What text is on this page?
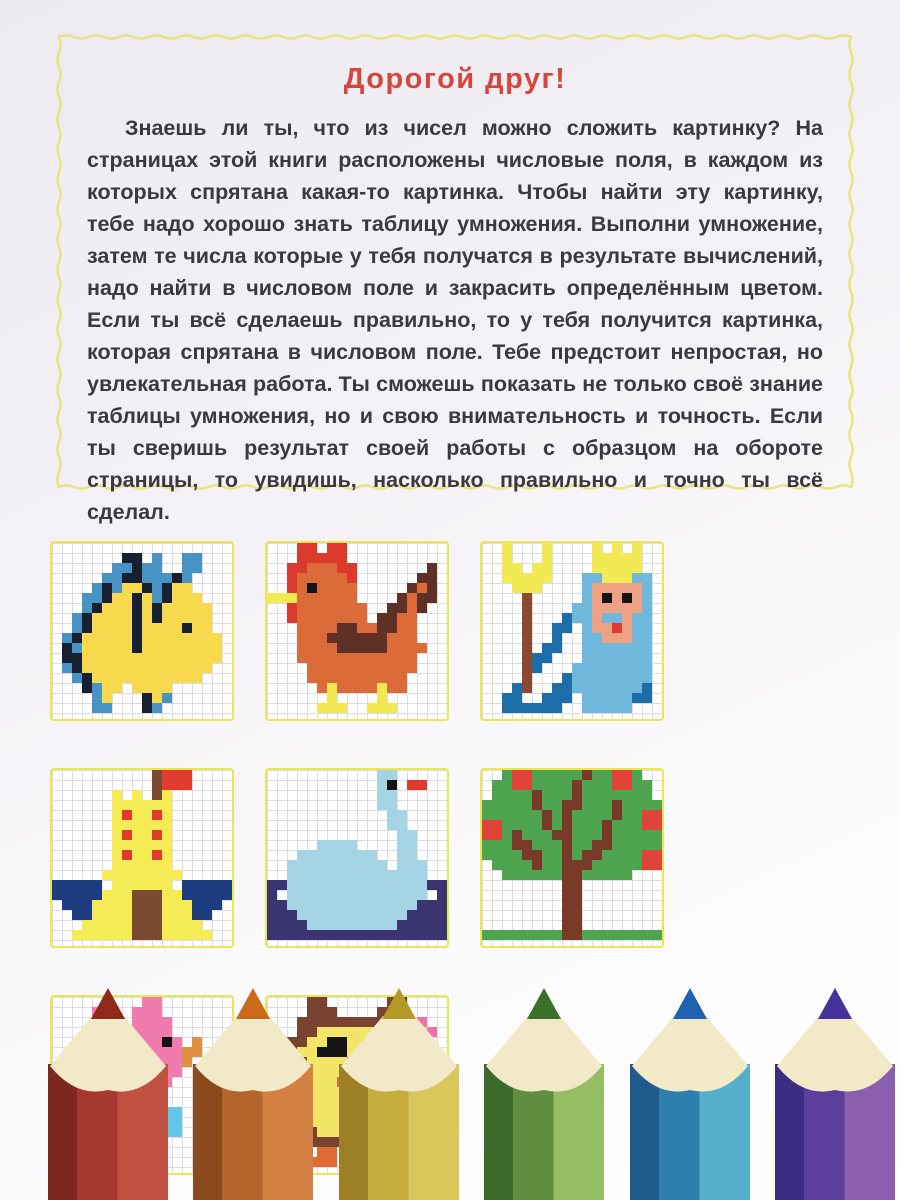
Дорогой друг!

Знаешь ли ты, что из чисел можно сложить картинку? На страницах этой книги расположены числовые поля, в каждом из которых спрятана какая-то картинка. Чтобы найти эту картинку, тебе надо хорошо знать таблицу умножения. Выполни умножение, затем те числа которые у тебя получатся в результате вычислений, надо найти в числовом поле и закрасить определённым цветом. Если ты всё сделаешь правильно, то у тебя получится картинка, которая спрятана в числовом поле. Тебе предстоит непростая, но увлекательная работа. Ты сможешь показать не только своё знание таблицы умножения, но и свою внимательность и точность. Если ты сверишь результат своей работы с образцом на обороте страницы, то увидишь, насколько правильно и точно ты всё сделал.
